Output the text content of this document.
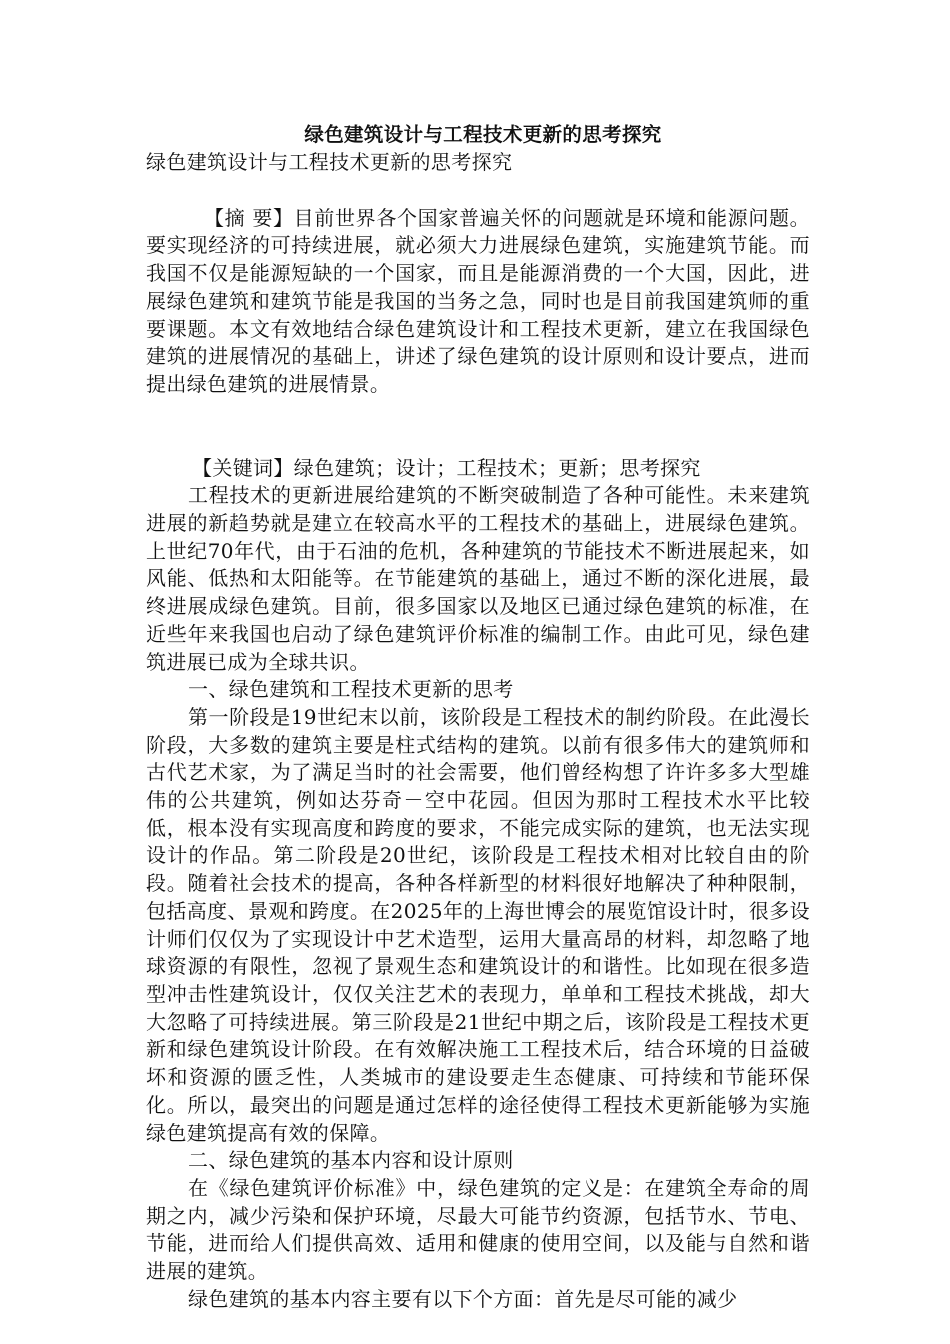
绿色建筑设计与工程技术更新的思考探究

绿色建筑设计与工程技术更新的思考探究

【摘 要】目前世界各个国家普遍关怀的问题就是环境和能源问题。要实现经济的可持续进展，就必须大力进展绿色建筑，实施建筑节能。而我国不仅是能源短缺的一个国家，而且是能源消费的一个大国，因此，进展绿色建筑和建筑节能是我国的当务之急，同时也是目前我国建筑师的重要课题。本文有效地结合绿色建筑设计和工程技术更新，建立在我国绿色建筑的进展情况的基础上，讲述了绿色建筑的设计原则和设计要点，进而提出绿色建筑的进展情景。

【关键词】绿色建筑；设计；工程技术；更新；思考探究

工程技术的更新进展给建筑的不断突破制造了各种可能性。未来建筑进展的新趋势就是建立在较高水平的工程技术的基础上，进展绿色建筑。上世纪70年代，由于石油的危机，各种建筑的节能技术不断进展起来，如风能、低热和太阳能等。在节能建筑的基础上，通过不断的深化进展，最终进展成绿色建筑。目前，很多国家以及地区已通过绿色建筑的标准，在近些年来我国也启动了绿色建筑评价标准的编制工作。由此可见，绿色建筑进展已成为全球共识。

一、绿色建筑和工程技术更新的思考

第一阶段是19世纪末以前，该阶段是工程技术的制约阶段。在此漫长阶段，大多数的建筑主要是柱式结构的建筑。以前有很多伟大的建筑师和古代艺术家，为了满足当时的社会需要，他们曾经构想了许许多多大型雄伟的公共建筑，例如达芬奇－空中花园。但因为那时工程技术水平比较低，根本没有实现高度和跨度的要求，不能完成实际的建筑，也无法实现设计的作品。第二阶段是20世纪，该阶段是工程技术相对比较自由的阶段。随着社会技术的提高，各种各样新型的材料很好地解决了种种限制，包括高度、景观和跨度。在2025年的上海世博会的展览馆设计时，很多设计师们仅仅为了实现设计中艺术造型，运用大量高昂的材料，却忽略了地球资源的有限性，忽视了景观生态和建筑设计的和谐性。比如现在很多造型冲击性建筑设计，仅仅关注艺术的表现力，单单和工程技术挑战，却大大忽略了可持续进展。第三阶段是21世纪中期之后，该阶段是工程技术更新和绿色建筑设计阶段。在有效解决施工工程技术后，结合环境的日益破坏和资源的匮乏性，人类城市的建设要走生态健康、可持续和节能环保化。所以，最突出的问题是通过怎样的途径使得工程技术更新能够为实施绿色建筑提高有效的保障。

二、绿色建筑的基本内容和设计原则

在《绿色建筑评价标准》中，绿色建筑的定义是：在建筑全寿命的周期之内，减少污染和保护环境，尽最大可能节约资源，包括节水、节电、节能，进而给人们提供高效、适用和健康的使用空间，以及能与自然和谐进展的建筑。

绿色建筑的基本内容主要有以下个方面：首先是尽可能的减少
